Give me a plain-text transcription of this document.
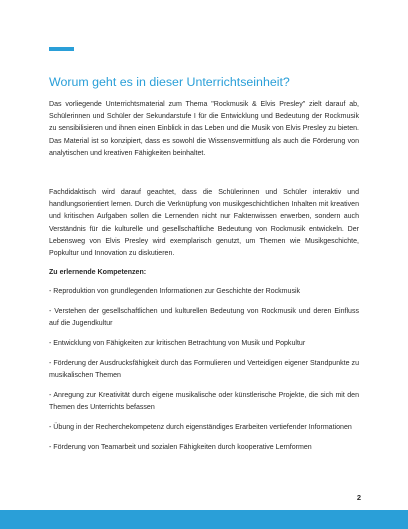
Worum geht es in dieser Unterrichtseinheit?

Das vorliegende Unterrichtsmaterial zum Thema "Rockmusik & Elvis Presley" zielt darauf ab, Schülerinnen und Schüler der Sekundarstufe I für die Entwicklung und Bedeutung der Rockmusik zu sensibilisieren und ihnen einen Einblick in das Leben und die Musik von Elvis Presley zu bieten. Das Material ist so konzipiert, dass es sowohl die Wissensvermittlung als auch die Förderung von analytischen und kreativen Fähigkeiten beinhaltet.

Fachdidaktisch wird darauf geachtet, dass die Schülerinnen und Schüler interaktiv und handlungsorientiert lernen. Durch die Verknüpfung von musikgeschichtlichen Inhalten mit kreativen und kritischen Aufgaben sollen die Lernenden nicht nur Faktenwissen erwerben, sondern auch Verständnis für die kulturelle und gesellschaftliche Bedeutung von Rockmusik entwickeln. Der Lebensweg von Elvis Presley wird exemplarisch genutzt, um Themen wie Musikgeschichte, Popkultur und Innovation zu diskutieren.

Zu erlernende Kompetenzen:

- Reproduktion von grundlegenden Informationen zur Geschichte der Rockmusik
- Verstehen der gesellschaftlichen und kulturellen Bedeutung von Rockmusik und deren Einfluss auf die Jugendkultur
- Entwicklung von Fähigkeiten zur kritischen Betrachtung von Musik und Popkultur
- Förderung der Ausdrucksfähigkeit durch das Formulieren und Verteidigen eigener Standpunkte zu musikalischen Themen
- Anregung zur Kreativität durch eigene musikalische oder künstlerische Projekte, die sich mit den Themen des Unterrichts befassen
- Übung in der Recherchekompetenz durch eigenständiges Erarbeiten vertiefender Informationen
- Förderung von Teamarbeit und sozialen Fähigkeiten durch kooperative Lernformen
2
